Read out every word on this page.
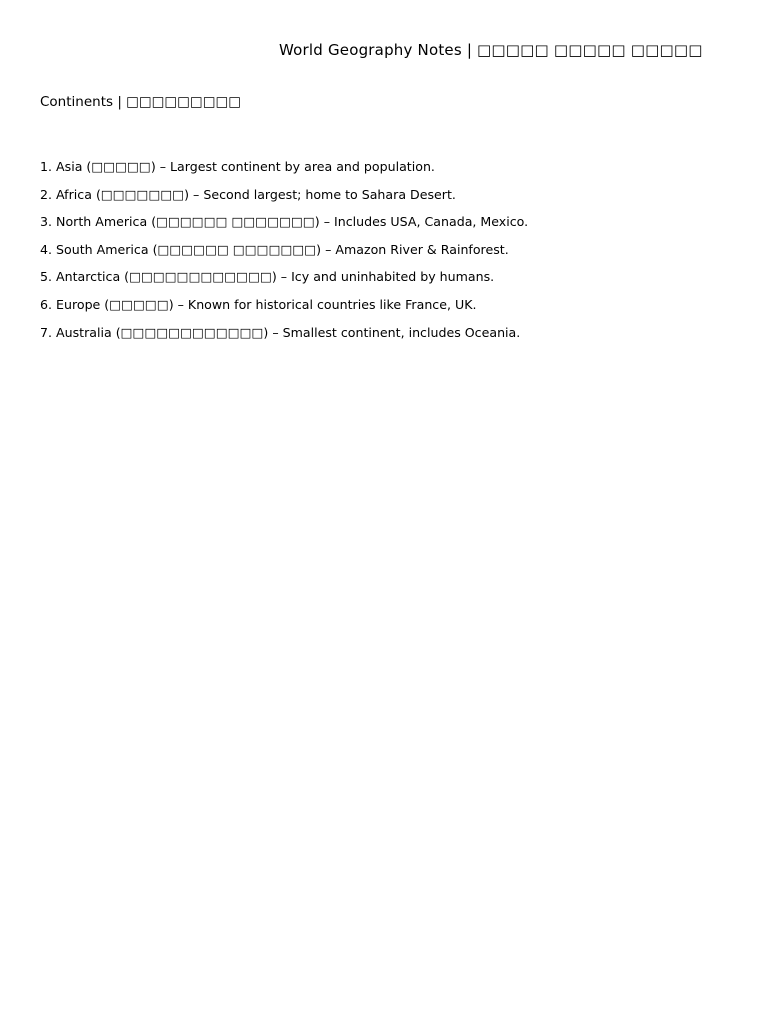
World Geography Notes | □□□□□ □□□□□ □□□□□
Continents | □□□□□□□□□
1. Asia (□□□□□) – Largest continent by area and population.
2. Africa (□□□□□□□) – Second largest; home to Sahara Desert.
3. North America (□□□□□□ □□□□□□□) – Includes USA, Canada, Mexico.
4. South America (□□□□□□ □□□□□□□) – Amazon River & Rainforest.
5. Antarctica (□□□□□□□□□□□□) – Icy and uninhabited by humans.
6. Europe (□□□□□) – Known for historical countries like France, UK.
7. Australia (□□□□□□□□□□□□) – Smallest continent, includes Oceania.
